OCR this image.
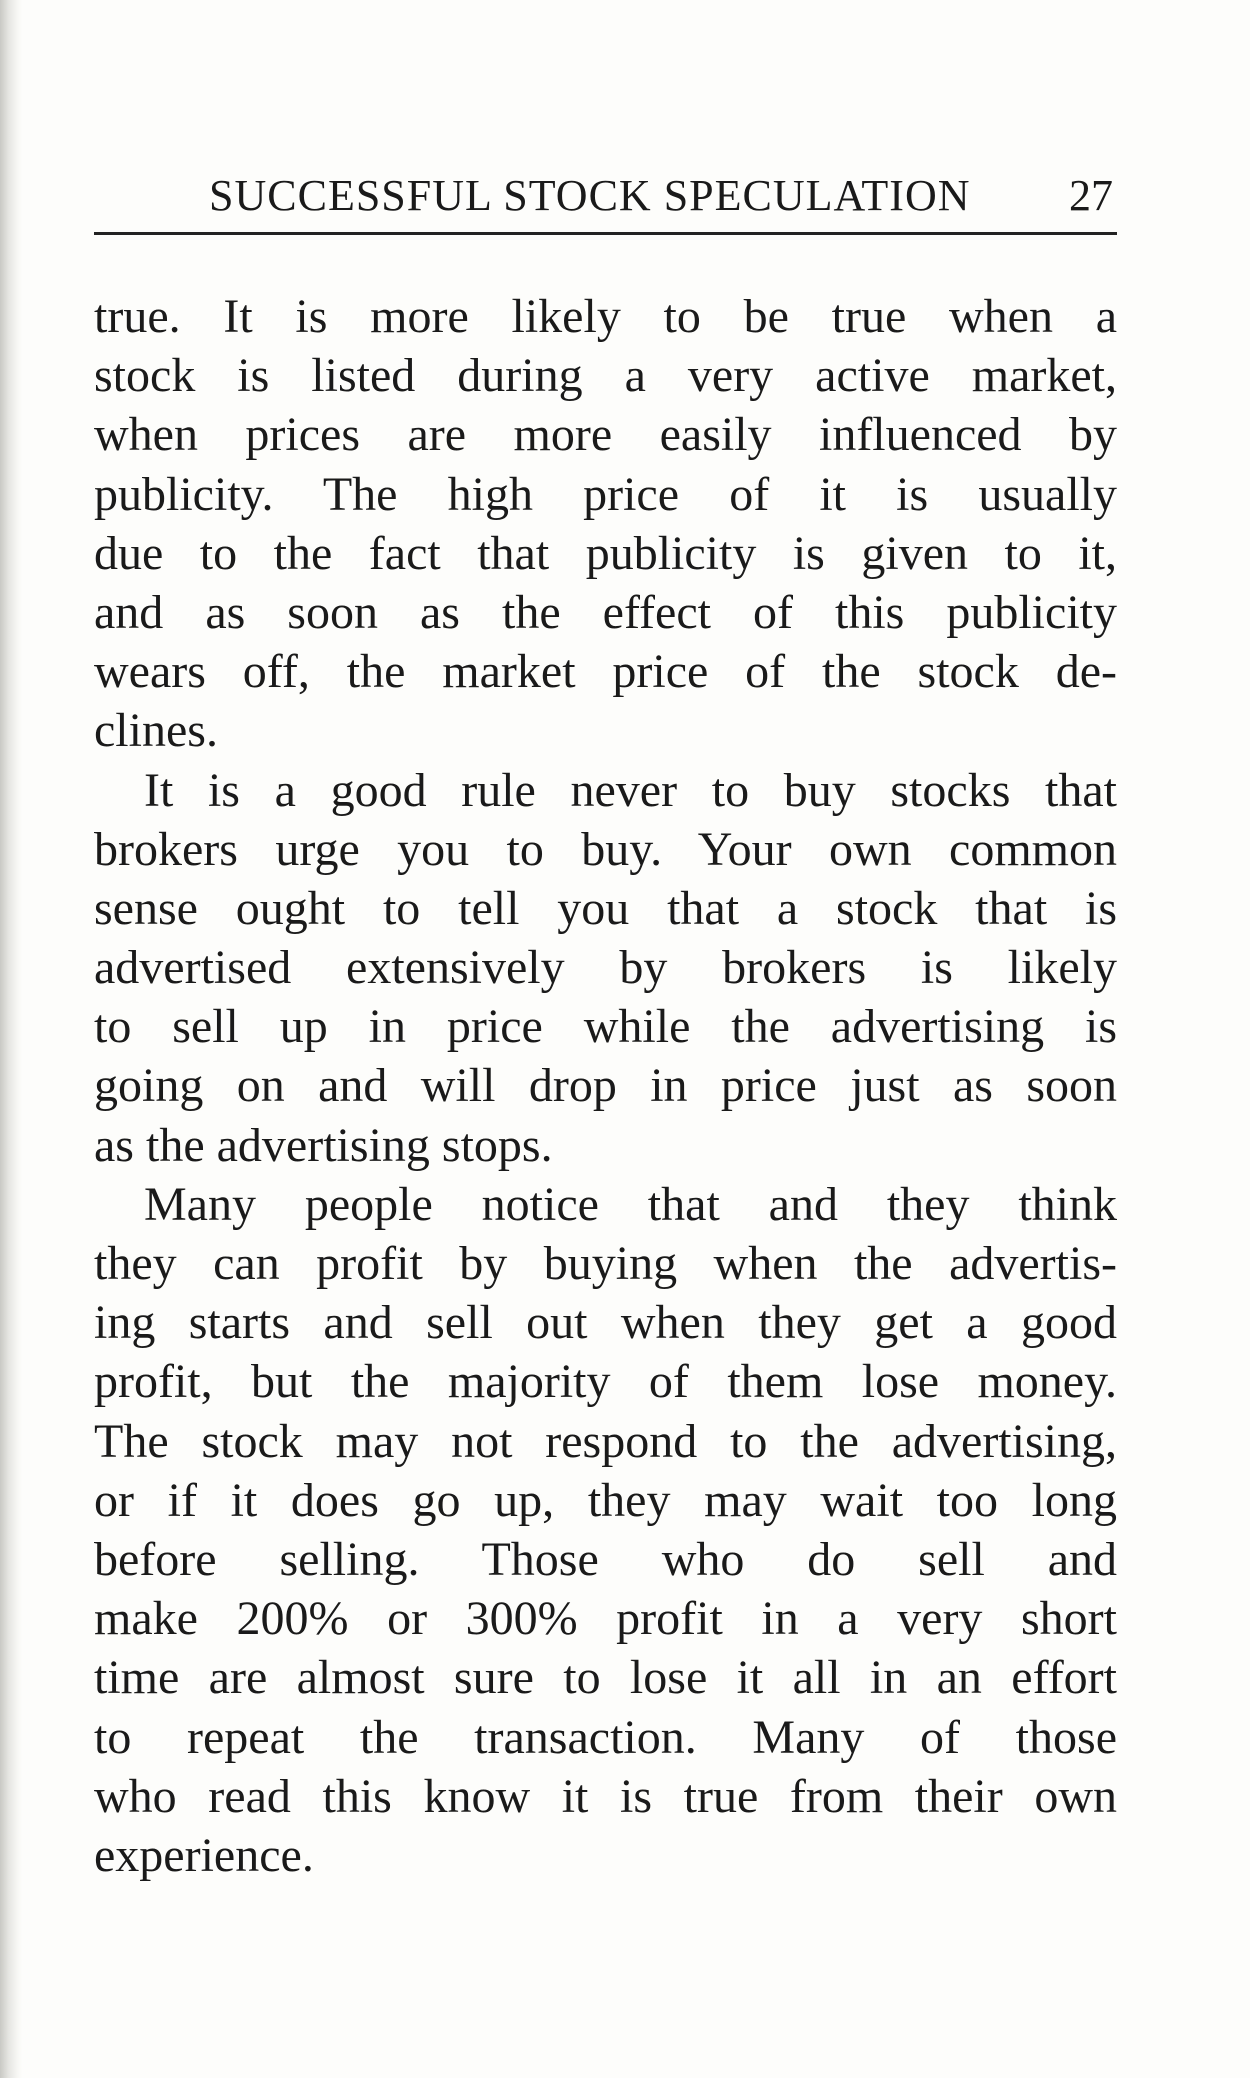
SUCCESSFUL STOCK SPECULATION 27
true. It is more likely to be true when a
stock is listed during a very active market,
when prices are more easily influenced by
publicity. The high price of it is usually
due to the fact that publicity is given to it,
and as soon as the effect of this publicity
wears off, the market price of the stock de-
clines.
It is a good rule never to buy stocks that
brokers urge you to buy. Your own common
sense ought to tell you that a stock that is
advertised extensively by brokers is likely
to sell up in price while the advertising is
going on and will drop in price just as soon
as the advertising stops.
Many people notice that and they think
they can profit by buying when the advertis-
ing starts and sell out when they get a good
profit, but the majority of them lose money.
The stock may not respond to the advertising,
or if it does go up, they may wait too long
before selling. Those who do sell and
make 200% or 300% profit in a very short
time are almost sure to lose it all in an effort
to repeat the transaction. Many of those
who read this know it is true from their own
experience.
